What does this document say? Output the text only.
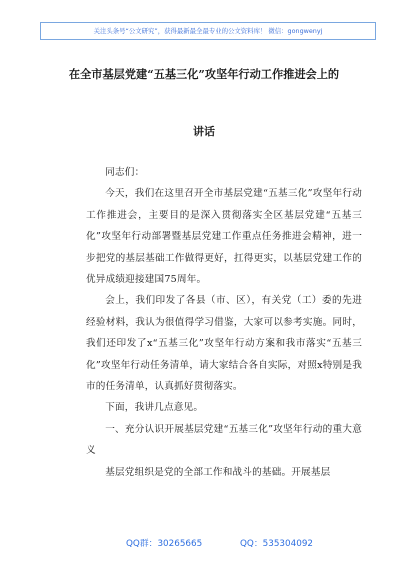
关注头条号“公文研究”，获得最新最全最专业的公文资料库！ 微信：gongwenyj
在全市基层党建“五基三化”攻坚年行动工作推进会上的
讲话

同志们：

今天，我们在这里召开全市基层党建“五基三化”攻坚年行动工作推进会，主要目的是深入贯彻落实全区基层党建“五基三化”攻坚年行动部署暨基层党建工作重点任务推进会精神，进一步把党的基层基础工作做得更好，扛得更实，以基层党建工作的优异成绩迎接建国75周年。

会上，我们印发了各县（市、区），有关党（工）委的先进经验材料，我认为很值得学习借鉴，大家可以参考实施。同时，我们还印发了x“五基三化”攻坚年行动方案和我市落实“五基三化”攻坚年行动任务清单，请大家结合各自实际，对照x特别是我市的任务清单，认真抓好贯彻落实。

下面，我讲几点意见。

一、充分认识开展基层党建“五基三化”攻坚年行动的重大意义

基层党组织是党的全部工作和战斗的基础。开展基层

QQ群：30265665	QQ：535304092
